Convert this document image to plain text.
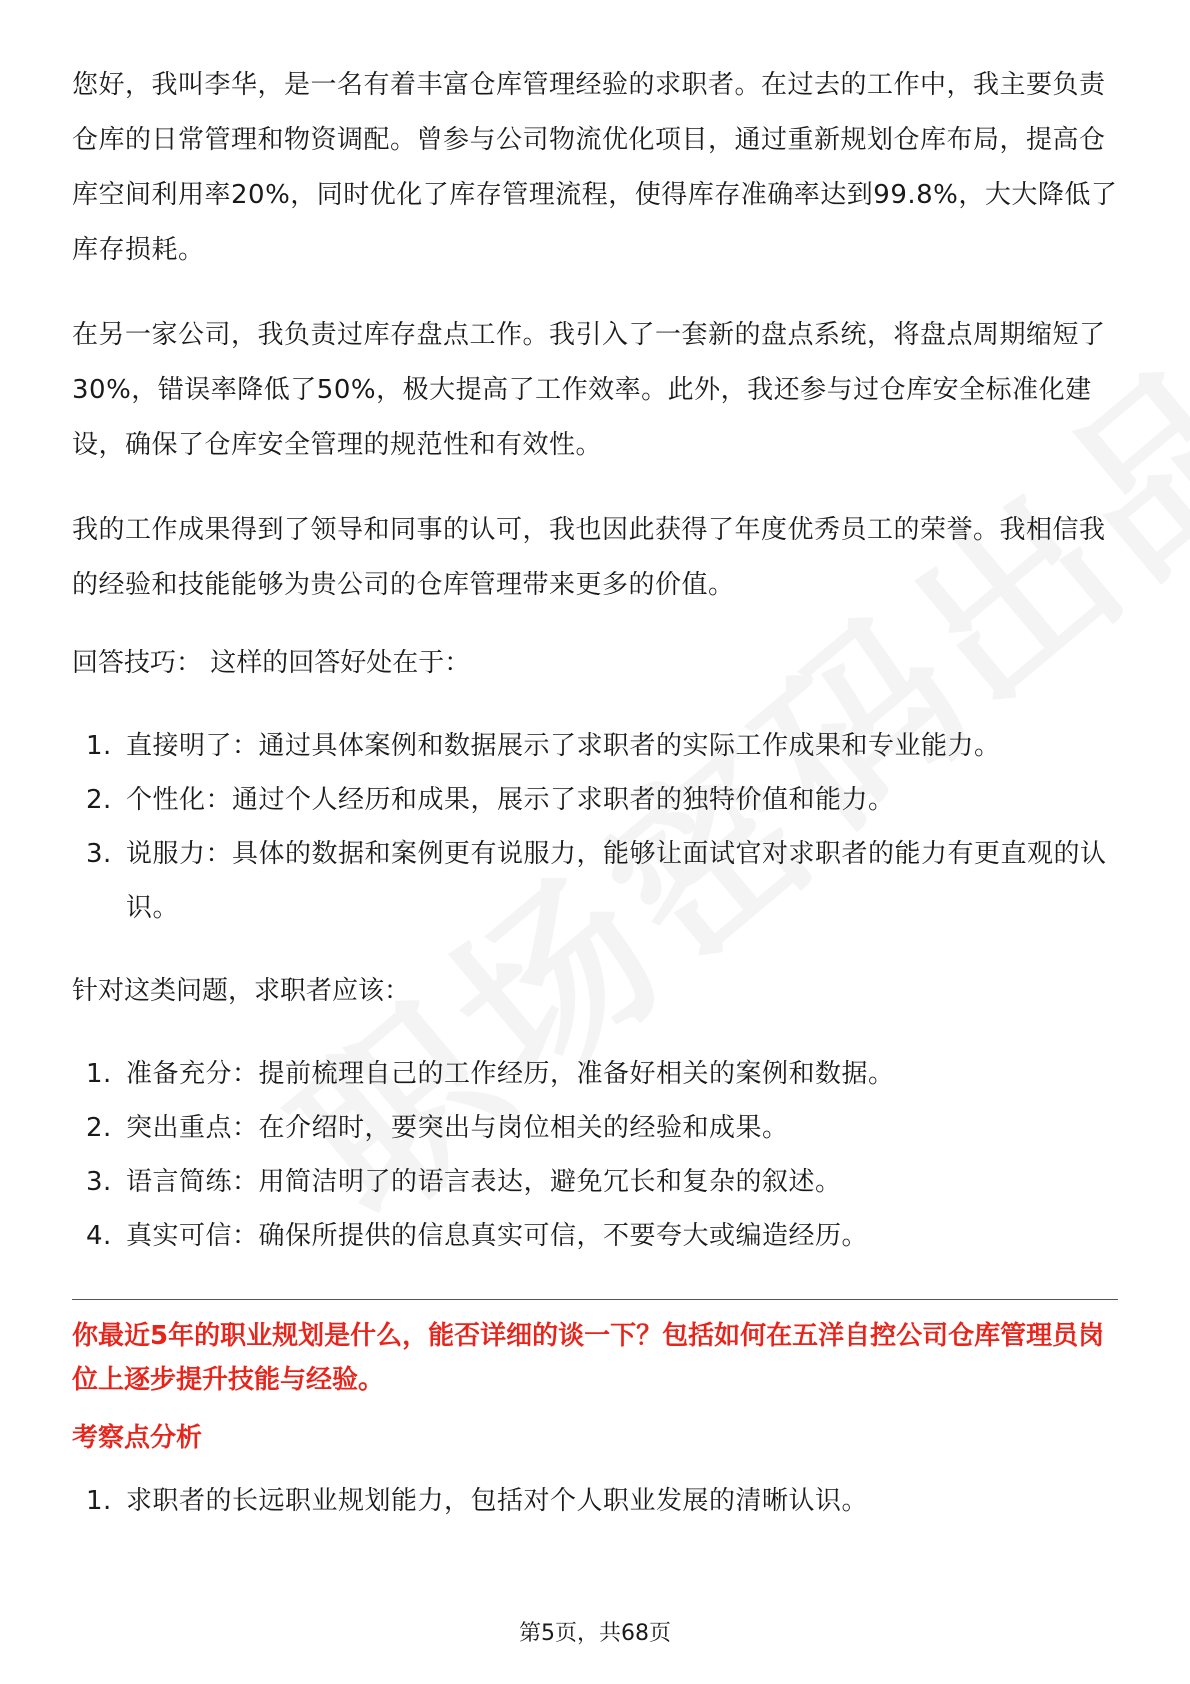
您好，我叫李华，是一名有着丰富仓库管理经验的求职者。在过去的工作中，我主要负责仓库的日常管理和物资调配。曾参与公司物流优化项目，通过重新规划仓库布局，提高仓库空间利用率20%，同时优化了库存管理流程，使得库存准确率达到99.8%，大大降低了库存损耗。

在另一家公司，我负责过库存盘点工作。我引入了一套新的盘点系统，将盘点周期缩短了30%，错误率降低了50%，极大提高了工作效率。此外，我还参与过仓库安全标准化建设，确保了仓库安全管理的规范性和有效性。

我的工作成果得到了领导和同事的认可，我也因此获得了年度优秀员工的荣誉。我相信我的经验和技能能够为贵公司的仓库管理带来更多的价值。

回答技巧： 这样的回答好处在于：

1. 直接明了：通过具体案例和数据展示了求职者的实际工作成果和专业能力。
2. 个性化：通过个人经历和成果，展示了求职者的独特价值和能力。
3. 说服力：具体的数据和案例更有说服力，能够让面试官对求职者的能力有更直观的认识。

针对这类问题，求职者应该：

1. 准备充分：提前梳理自己的工作经历，准备好相关的案例和数据。
2. 突出重点：在介绍时，要突出与岗位相关的经验和成果。
3. 语言简练：用简洁明了的语言表达，避免冗长和复杂的叙述。
4. 真实可信：确保所提供的信息真实可信，不要夸大或编造经历。

你最近5年的职业规划是什么，能否详细的谈一下？包括如何在五洋自控公司仓库管理员岗位上逐步提升技能与经验。

考察点分析

1. 求职者的长远职业规划能力，包括对个人职业发展的清晰认识。
第5页，共68页
